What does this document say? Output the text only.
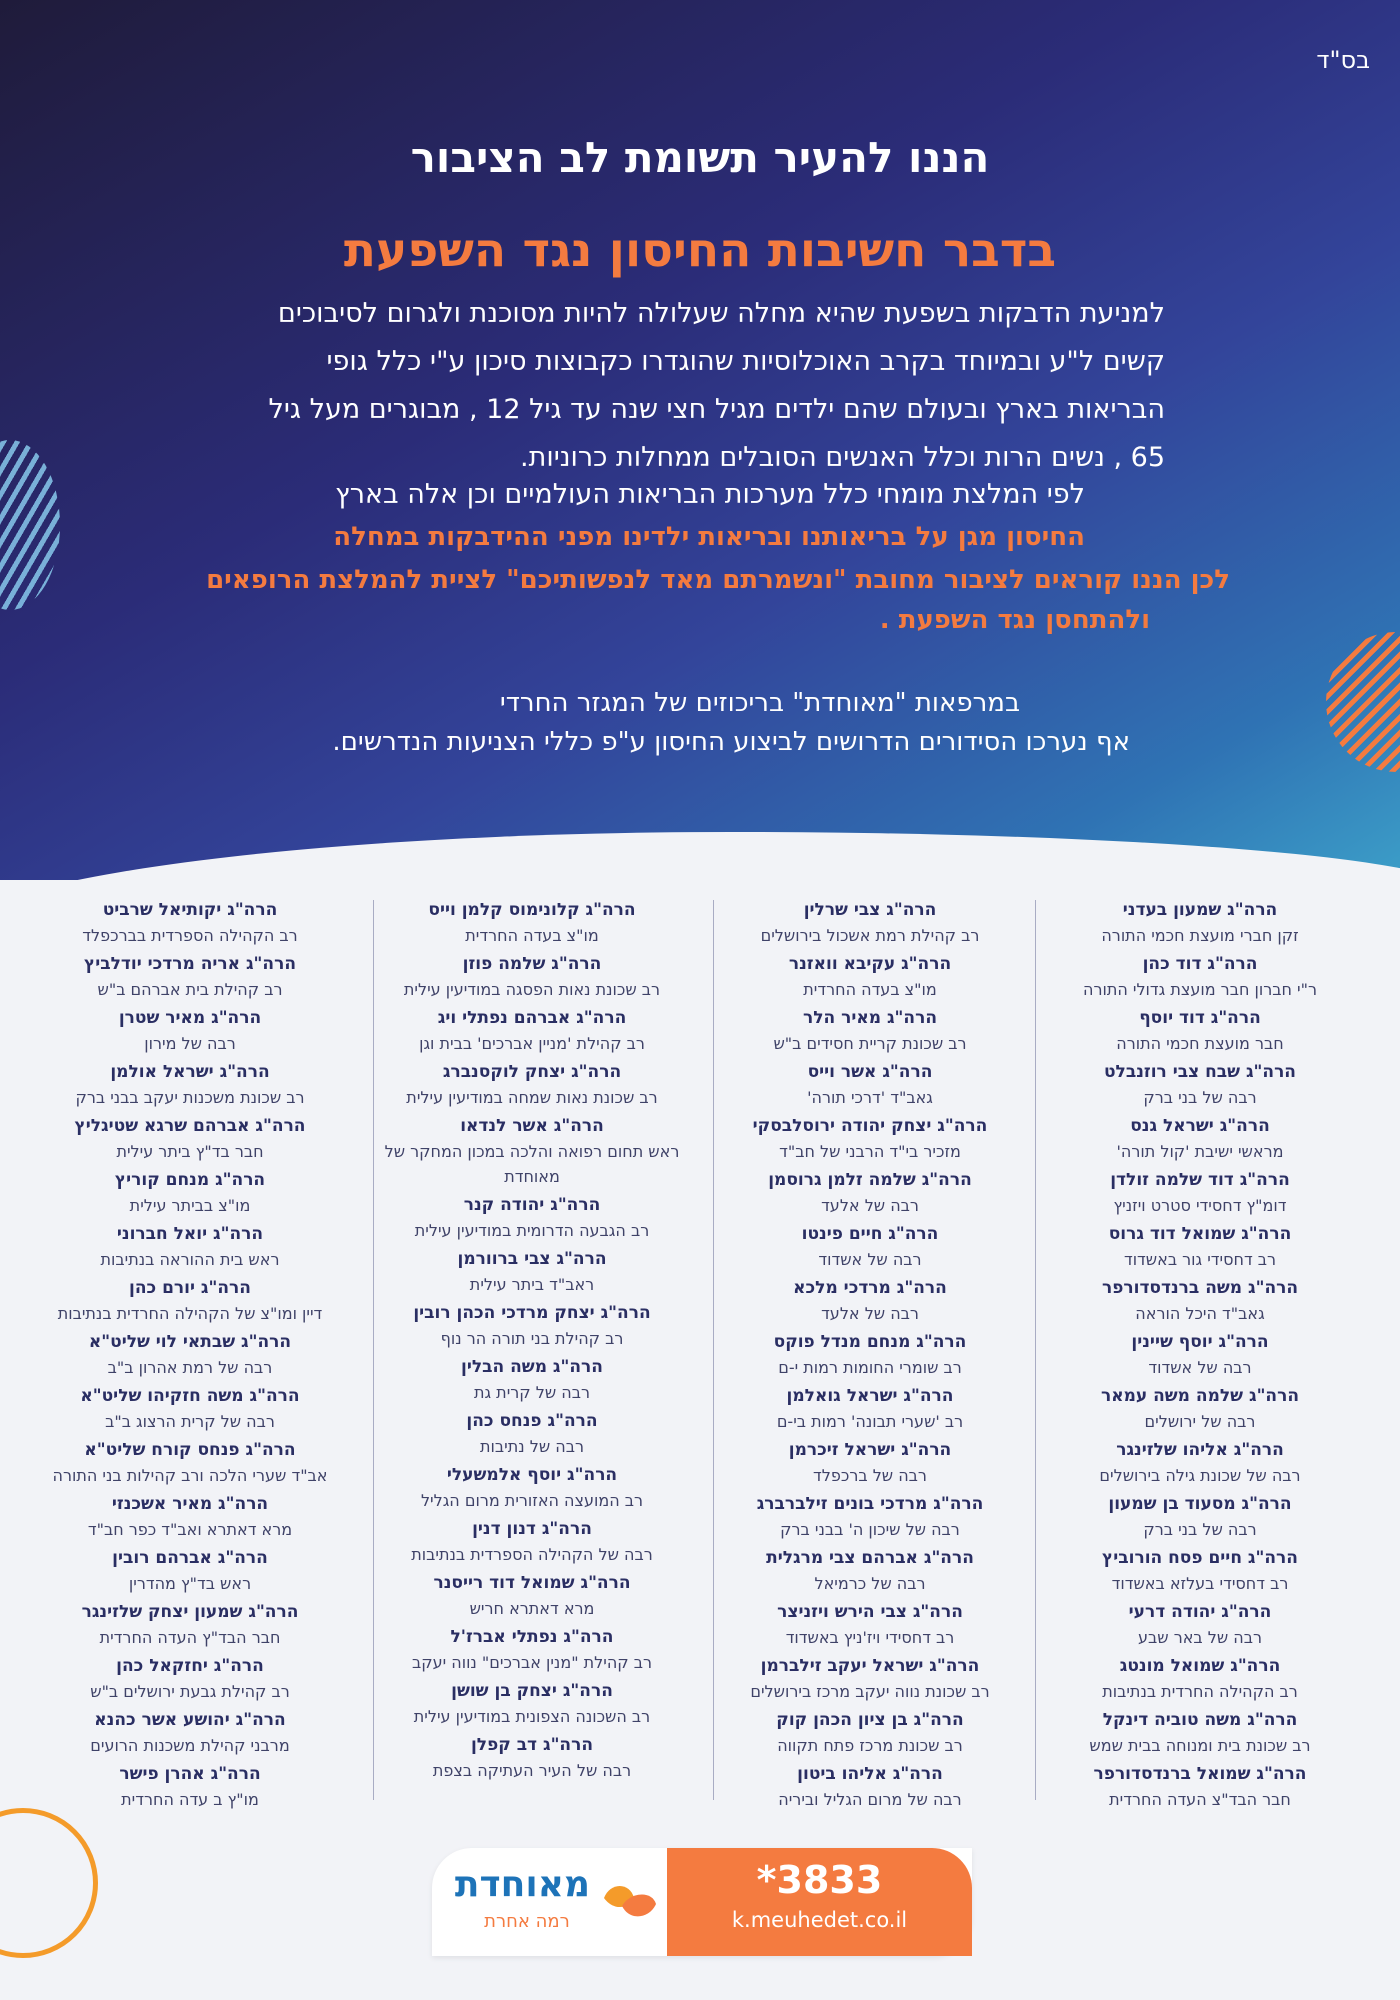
בס"ד
הננו להעיר תשומת לב הציבור
בדבר חשיבות החיסון נגד השפעת
למניעת הדבקות בשפעת שהיא מחלה שעלולה להיות מסוכנת ולגרום לסיבוכים קשים ל"ע ובמיוחד בקרב האוכלוסיות שהוגדרו כקבוצות סיכון ע"י כלל גופי הבריאות בארץ ובעולם שהם ילדים מגיל חצי שנה עד גיל 12 , מבוגרים מעל גיל 65 , נשים הרות וכלל האנשים הסובלים ממחלות כרוניות.
לפי המלצת מומחי כלל מערכות הבריאות העולמיים וכן אלה בארץ
החיסון מגן על בריאותנו ובריאות ילדינו מפני ההידבקות במחלה
לכן הננו קוראים לציבור מחובת "ונשמרתם מאד לנפשותיכם" לציית להמלצת הרופאים
ולהתחסן נגד השפעת .
במרפאות "מאוחדת" בריכוזים של המגזר החרדי
אף נערכו הסידורים הדרושים לביצוע החיסון ע"פ כללי הצניעות הנדרשים.
הרה"ג שמעון בעדני
זקן חברי מועצת חכמי התורה
הרה"ג דוד כהן
ר"י חברון חבר מועצת גדולי התורה
הרה"ג דוד יוסף
חבר מועצת חכמי התורה
הרה"ג שבח צבי רוזנבלט
רבה של בני ברק
הרה"ג ישראל גנס
מראשי ישיבת 'קול תורה'
הרה"ג דוד שלמה זולדן
דומ"ץ דחסידי סטרט ויזניץ
הרה"ג שמואל דוד גרוס
רב דחסידי גור באשדוד
הרה"ג משה ברנדסדורפר
גאב"ד היכל הוראה
הרה"ג יוסף שיינין
רבה של אשדוד
הרה"ג שלמה משה עמאר
רבה של ירושלים
הרה"ג אליהו שלזינגר
רבה של שכונת גילה בירושלים
הרה"ג מסעוד בן שמעון
רבה של בני ברק
הרה"ג חיים פסח הורוביץ
רב דחסידי בעלזא באשדוד
הרה"ג יהודה דרעי
רבה של באר שבע
הרה"ג שמואל מונטג
רב הקהילה החרדית בנתיבות
הרה"ג משה טוביה דינקל
רב שכונת בית ומנוחה בבית שמש
הרה"ג שמואל ברנדסדורפר
חבר הבד"צ העדה החרדית
הרה"ג צבי שרלין
רב קהילת רמת אשכול בירושלים
הרה"ג עקיבא וואזנר
מו"צ בעדה החרדית
הרה"ג מאיר הלר
רב שכונת קריית חסידים ב"ש
הרה"ג אשר וייס
גאב"ד 'דרכי תורה'
הרה"ג יצחק יהודה ירוסלבסקי
מזכיר בי"ד הרבני של חב"ד
הרה"ג שלמה זלמן גרוסמן
רבה של אלעד
הרה"ג חיים פינטו
רבה של אשדוד
הרה"ג מרדכי מלכא
רבה של אלעד
הרה"ג מנחם מנדל פוקס
רב שומרי החומות רמות י-ם
הרה"ג ישראל גואלמן
רב 'שערי תבונה' רמות בי-ם
הרה"ג ישראל זיכרמן
רבה של ברכפלד
הרה"ג מרדכי בונים זילברברג
רבה של שיכון ה' בבני ברק
הרה"ג אברהם צבי מרגלית
רבה של כרמיאל
הרה"ג צבי הירש ויזניצר
רב דחסידי ויז'ניץ באשדוד
הרה"ג ישראל יעקב זילברמן
רב שכונת נווה יעקב מרכז בירושלים
הרה"ג בן ציון הכהן קוק
רב שכונת מרכז פתח תקווה
הרה"ג אליהו ביטון
רבה של מרום הגליל וביריה
הרה"ג קלונימוס קלמן וייס
מו"צ בעדה החרדית
הרה"ג שלמה פוזן
רב שכונת נאות הפסגה במודיעין עילית
הרה"ג אברהם נפתלי ויג
רב קהילת 'מניין אברכים' בבית וגן
הרה"ג יצחק לוקסנברג
רב שכונת נאות שמחה במודיעין עילית
הרה"ג אשר לנדאו
ראש תחום רפואה והלכה במכון המחקר של מאוחדת
הרה"ג יהודה קנר
רב הגבעה הדרומית במודיעין עילית
הרה"ג צבי ברוורמן
ראב"ד ביתר עילית
הרה"ג יצחק מרדכי הכהן רובין
רב קהילת בני תורה הר נוף
הרה"ג משה הבלין
רבה של קרית גת
הרה"ג פנחס כהן
רבה של נתיבות
הרה"ג יוסף אלמשעלי
רב המועצה האזורית מרום הגליל
הרה"ג דנון דנין
רבה של הקהילה הספרדית בנתיבות
הרה"ג שמואל דוד רייסנר
מרא דאתרא חריש
הרה"ג נפתלי אברז'ל
רב קהילת "מנין אברכים" נווה יעקב
הרה"ג יצחק בן שושן
רב השכונה הצפונית במודיעין עילית
הרה"ג דב קפלן
רבה של העיר העתיקה בצפת
הרה"ג יקותיאל שרביט
רב הקהילה הספרדית בברכפלד
הרה"ג אריה מרדכי יודלביץ
רב קהילת בית אברהם ב"ש
הרה"ג מאיר שטרן
רבה של מירון
הרה"ג ישראל אולמן
רב שכונת משכנות יעקב בבני ברק
הרה"ג אברהם שרגא שטיגליץ
חבר בד"ץ ביתר עילית
הרה"ג מנחם קוריץ
מו"צ בביתר עילית
הרה"ג יואל חברוני
ראש בית ההוראה בנתיבות
הרה"ג יורם כהן
דיין ומו"צ של הקהילה החרדית בנתיבות
הרה"ג שבתאי לוי שליט"א
רבה של רמת אהרון ב"ב
הרה"ג משה חזקיהו שליט"א
רבה של קרית הרצוג ב"ב
הרה"ג פנחס קורח שליט"א
אב"ד שערי הלכה ורב קהילות בני התורה
הרה"ג מאיר אשכנזי
מרא דאתרא ואב"ד כפר חב"ד
הרה"ג אברהם רובין
ראש בד"ץ מהדרין
הרה"ג שמעון יצחק שלזינגר
חבר הבד"ץ העדה החרדית
הרה"ג יחזקאל כהן
רב קהילת גבעת ירושלים ב"ש
הרה"ג יהושע אשר כהנא
מרבני קהילת משכנות הרועים
הרה"ג אהרן פישר
מו"ץ ב עדה החרדית
*3833
k.meuhedet.co.il
מאוחדת
רמה אחרת
